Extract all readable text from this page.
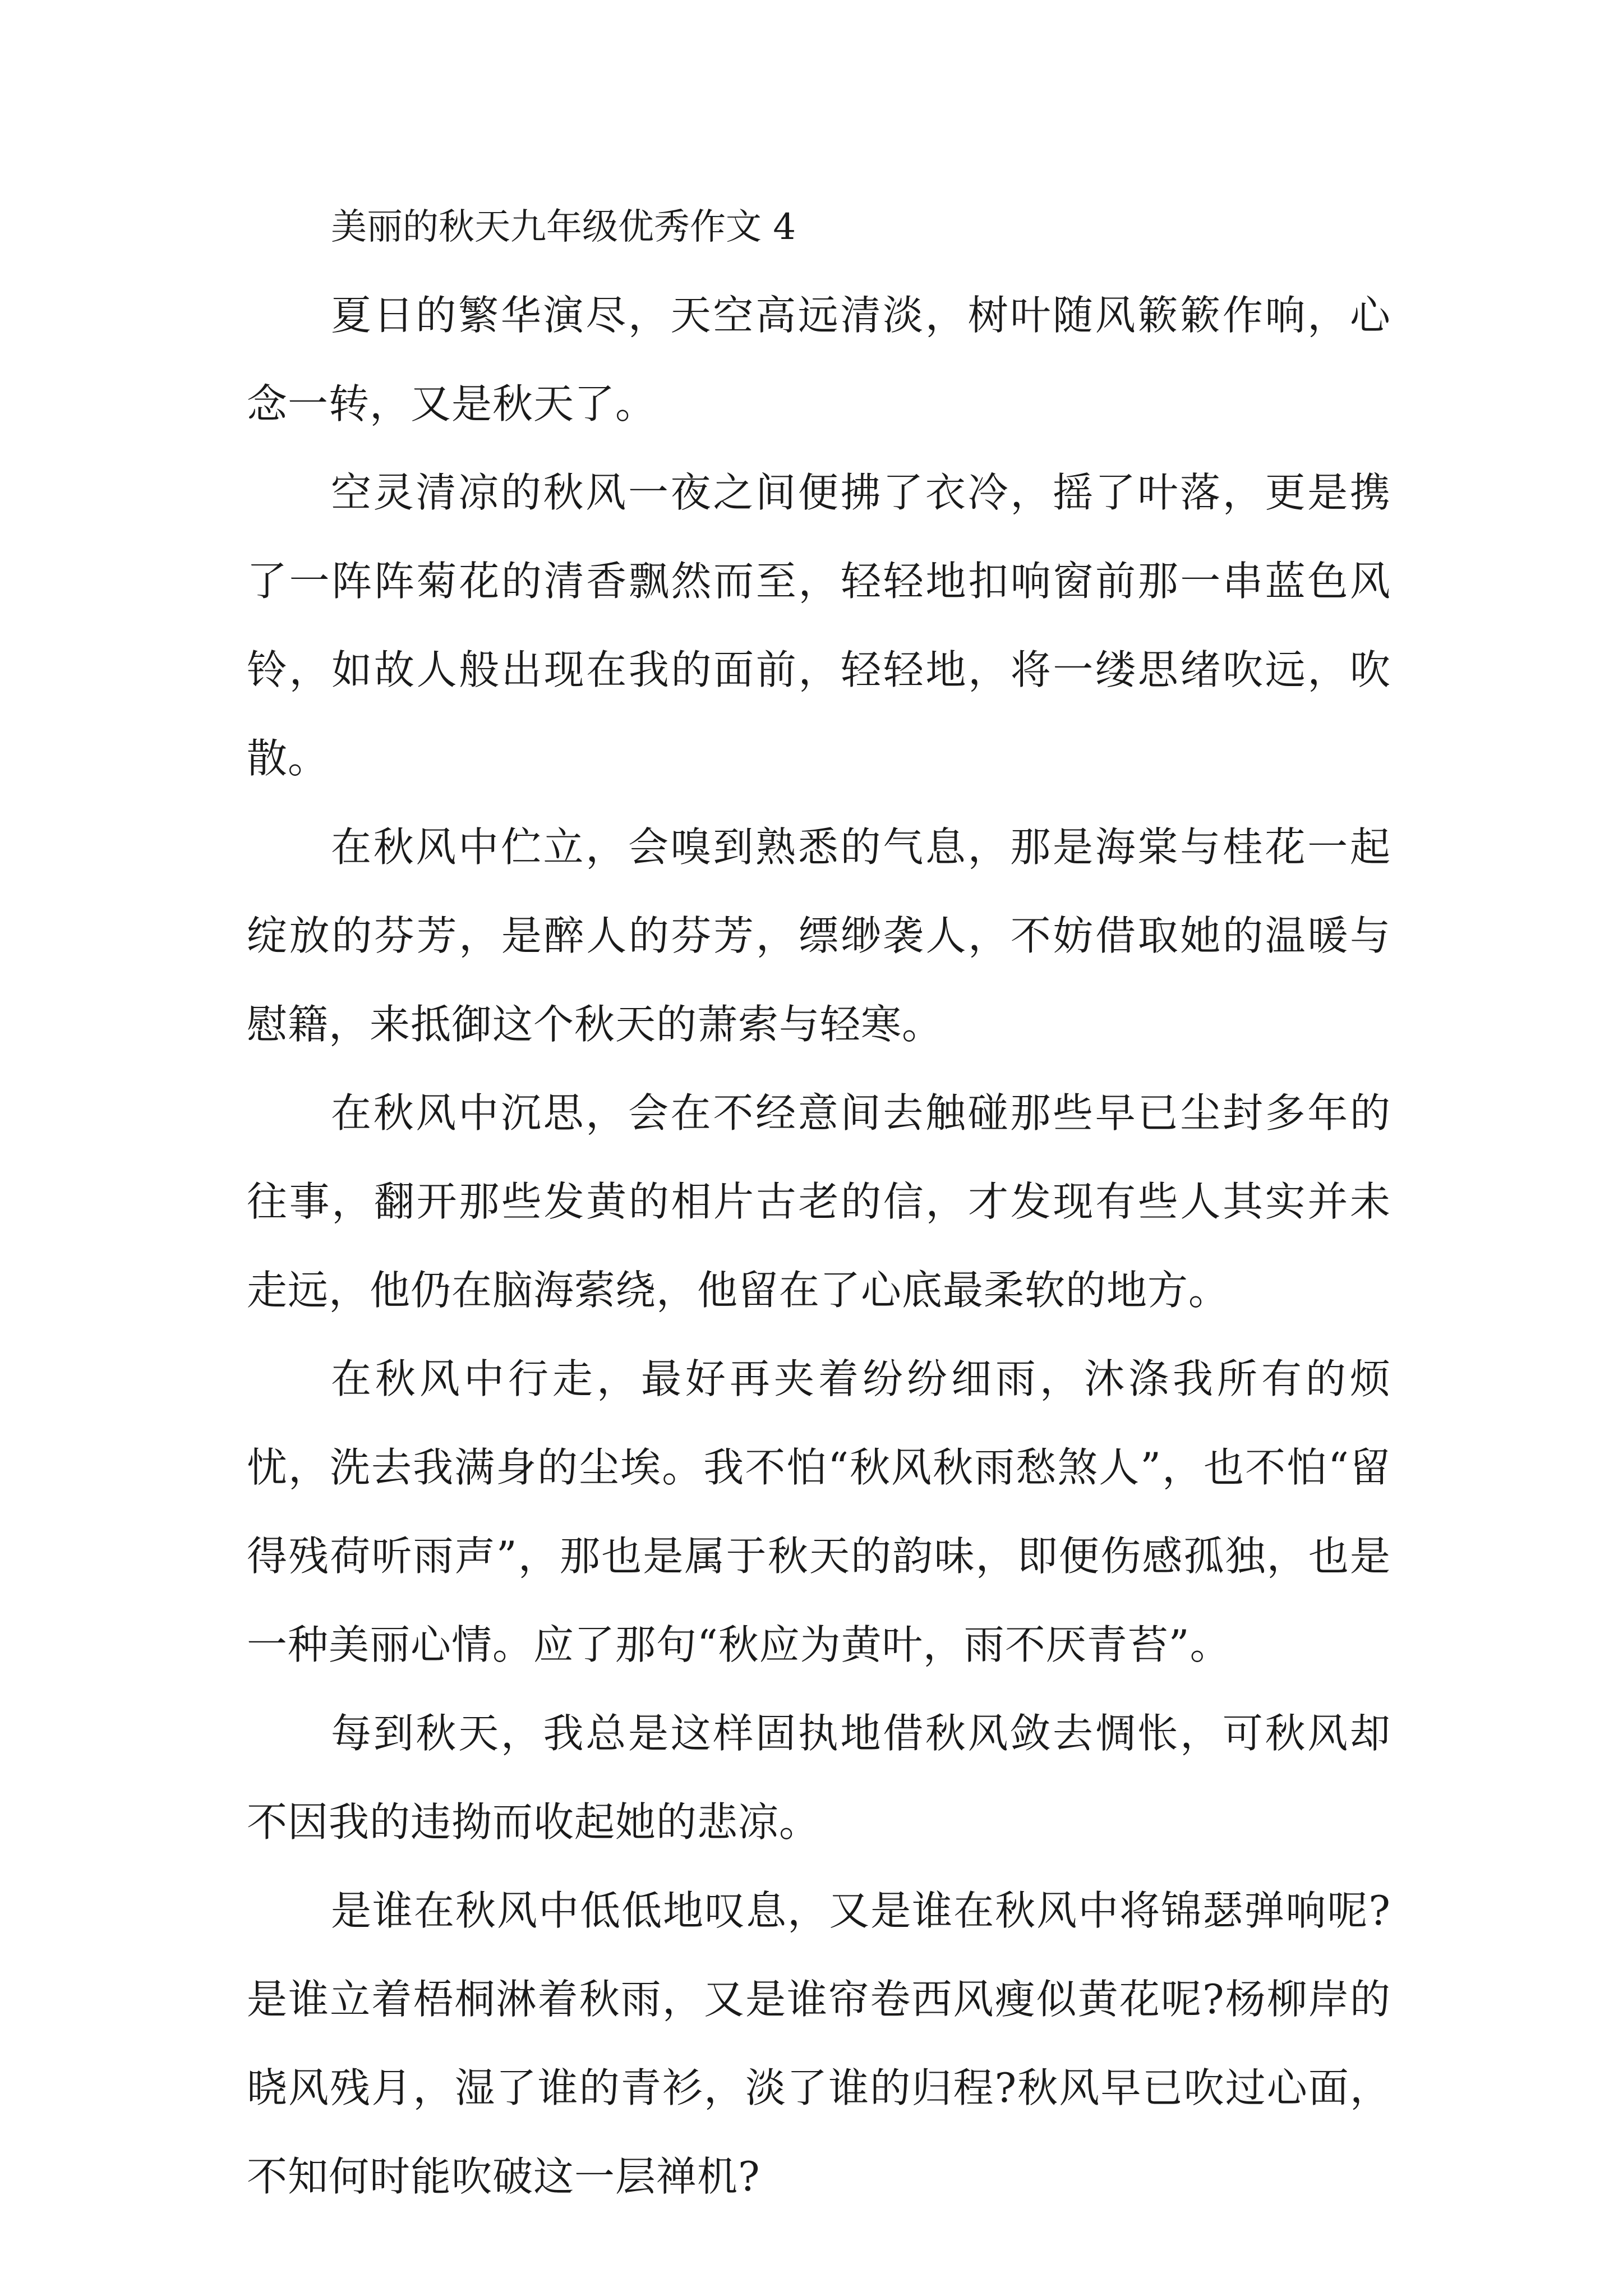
美丽的秋天九年级优秀作文 4

夏日的繁华演尽，天空高远清淡，树叶随风簌簌作响，心念一转，又是秋天了。

空灵清凉的秋风一夜之间便拂了衣冷，摇了叶落，更是携了一阵阵菊花的清香飘然而至，轻轻地扣响窗前那一串蓝色风铃，如故人般出现在我的面前，轻轻地，将一缕思绪吹远，吹散。

在秋风中伫立，会嗅到熟悉的气息，那是海棠与桂花一起绽放的芬芳，是醉人的芬芳，缥缈袭人，不妨借取她的温暖与慰籍，来抵御这个秋天的萧索与轻寒。

在秋风中沉思，会在不经意间去触碰那些早已尘封多年的往事，翻开那些发黄的相片古老的信，才发现有些人其实并未走远，他仍在脑海萦绕，他留在了心底最柔软的地方。

在秋风中行走，最好再夹着纷纷细雨，沐涤我所有的烦忧，洗去我满身的尘埃。我不怕“秋风秋雨愁煞人”，也不怕“留得残荷听雨声”，那也是属于秋天的韵味，即便伤感孤独，也是一种美丽心情。应了那句“秋应为黄叶，雨不厌青苔”。

每到秋天，我总是这样固执地借秋风敛去惆怅，可秋风却不因我的违拗而收起她的悲凉。

是谁在秋风中低低地叹息，又是谁在秋风中将锦瑟弹响呢?是谁立着梧桐淋着秋雨，又是谁帘卷西风瘦似黄花呢?杨柳岸的晓风残月，湿了谁的青衫，淡了谁的归程?秋风早已吹过心面，不知何时能吹破这一层禅机?
